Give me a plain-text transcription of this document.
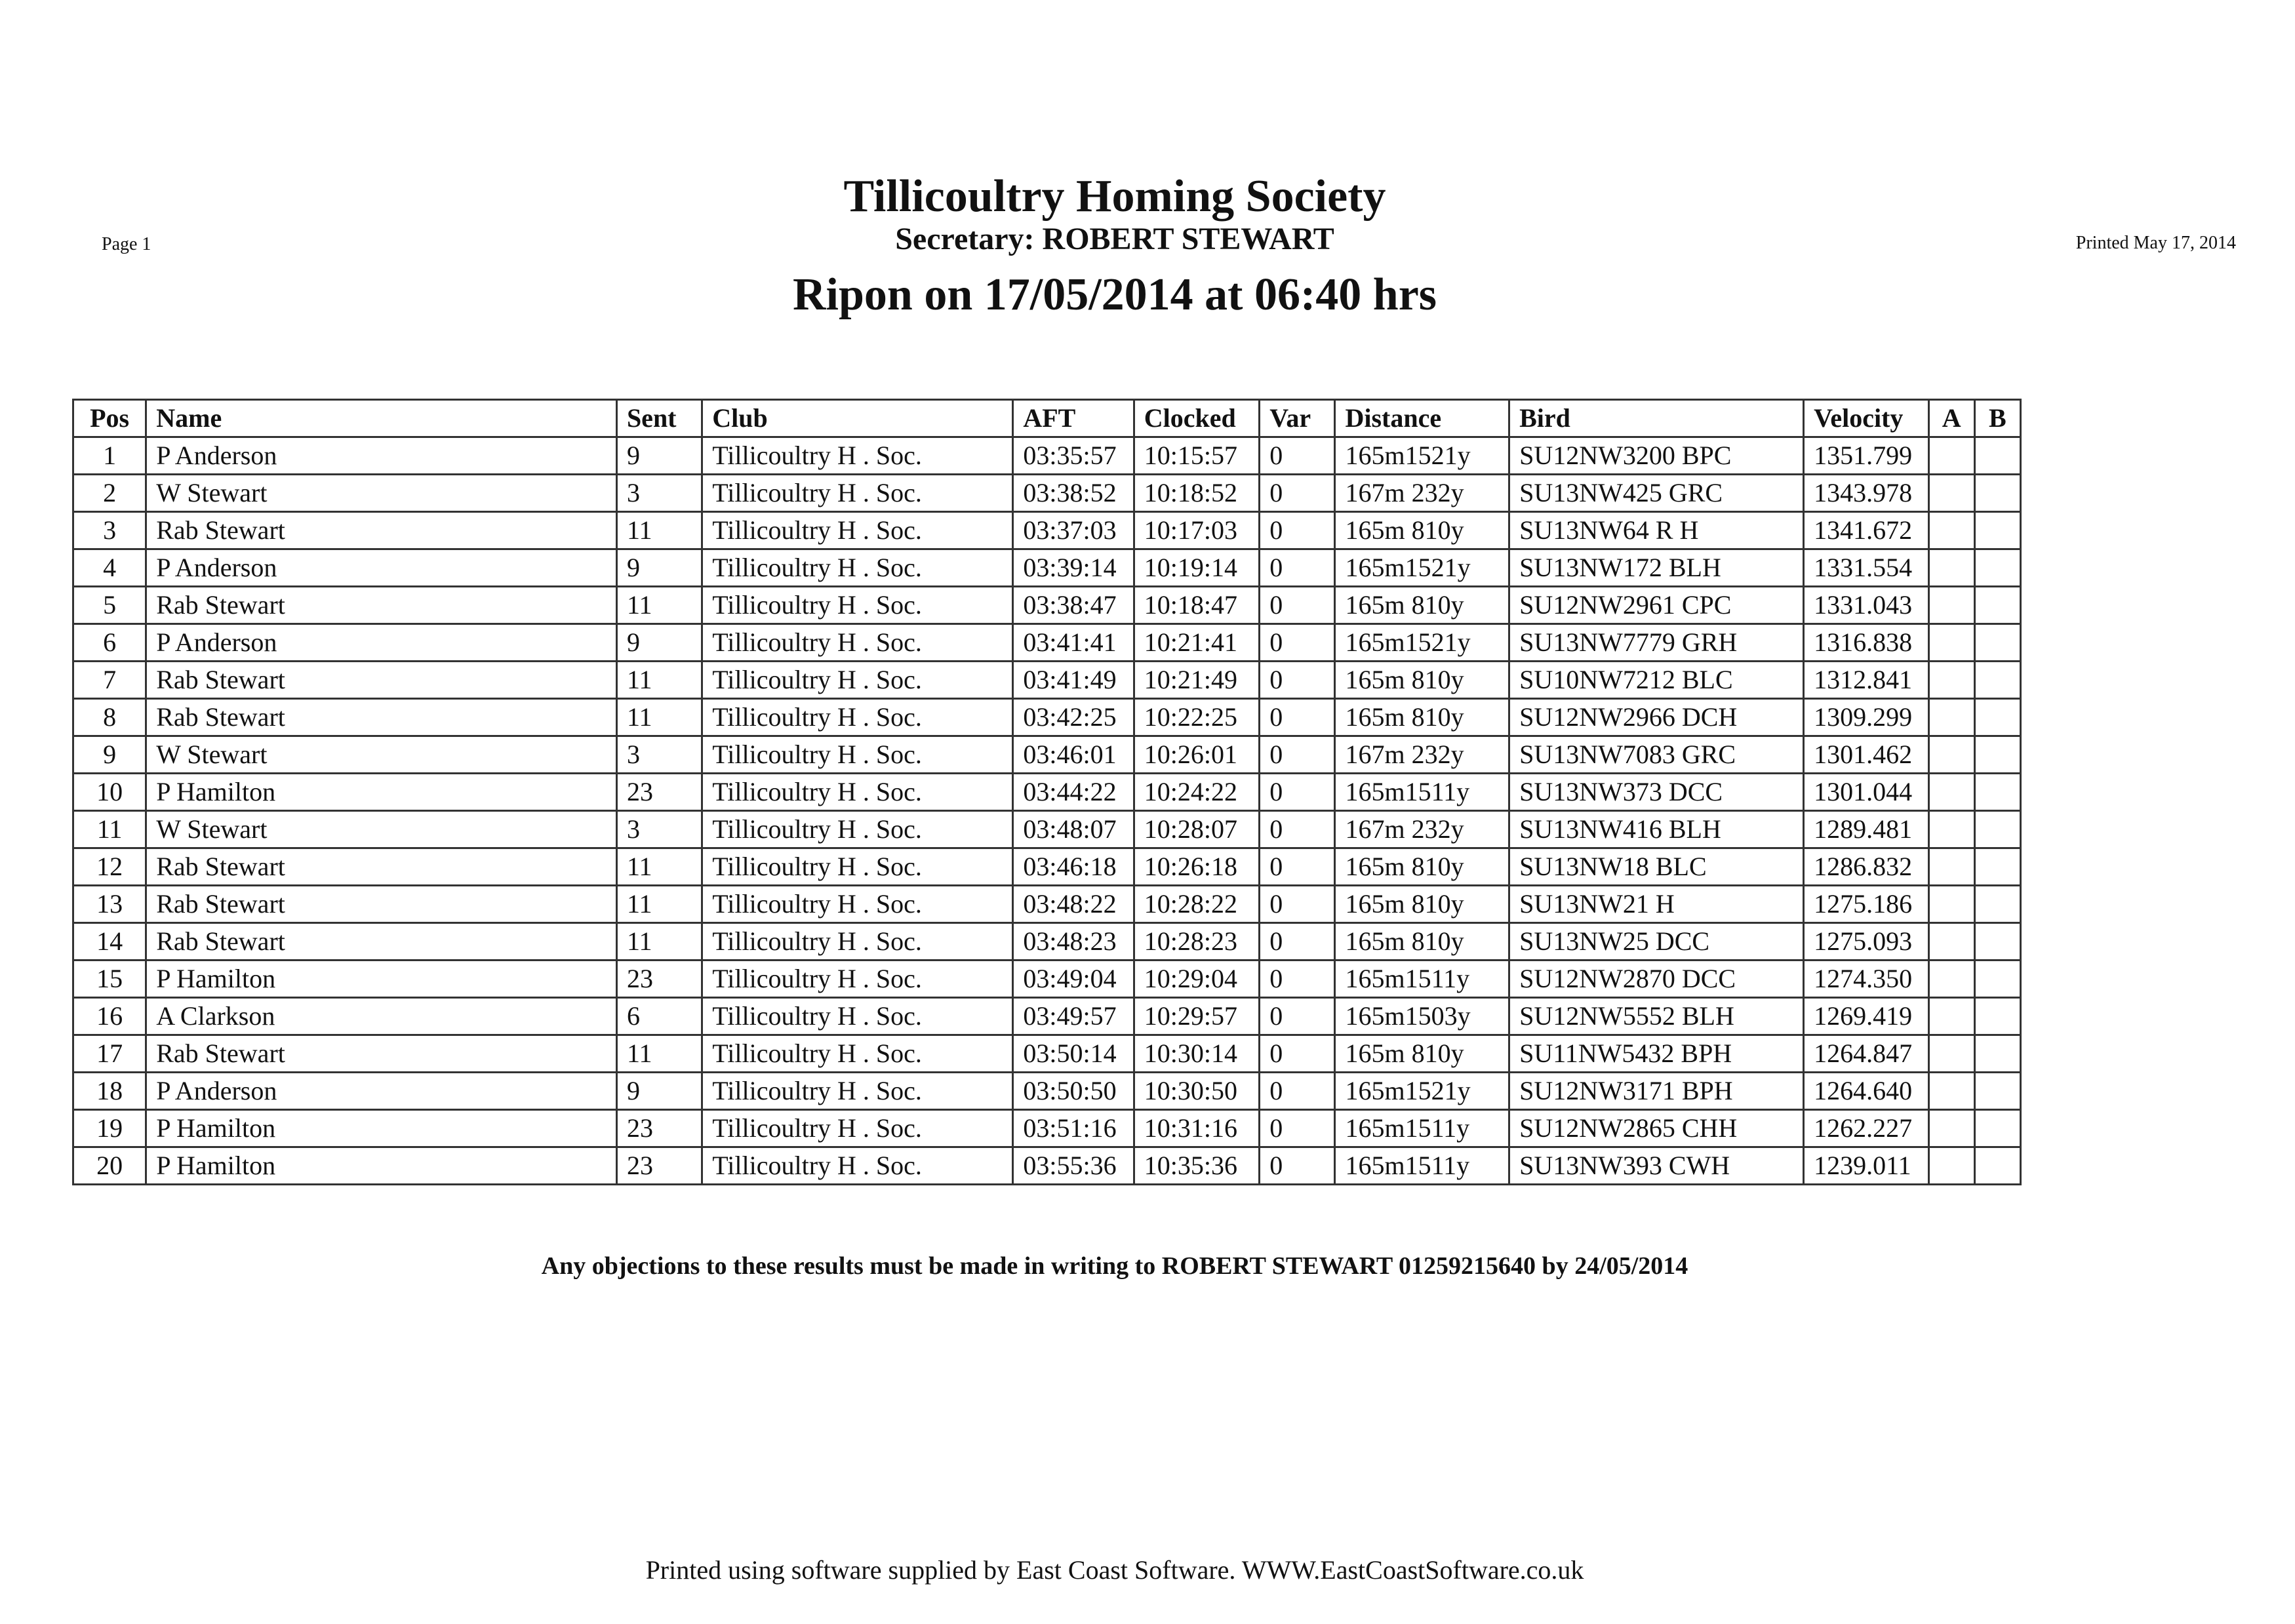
Page 1
Tillicoultry Homing Society
Secretary: ROBERT STEWART	Printed May 17, 2014
Ripon on 17/05/2014 at 06:40 hrs
Pos	Name	Sent	Club	AFT	Clocked	Var	Distance	Bird	Velocity	A	B
1	P Anderson	9	Tillicoultry H . Soc.	03:35:57	10:15:57	0	165m1521y	SU12NW3200 BPC	1351.799		
2	W Stewart	3	Tillicoultry H . Soc.	03:38:52	10:18:52	0	167m 232y	SU13NW425 GRC	1343.978		
3	Rab Stewart	11	Tillicoultry H . Soc.	03:37:03	10:17:03	0	165m 810y	SU13NW64 R H	1341.672		
4	P Anderson	9	Tillicoultry H . Soc.	03:39:14	10:19:14	0	165m1521y	SU13NW172 BLH	1331.554		
5	Rab Stewart	11	Tillicoultry H . Soc.	03:38:47	10:18:47	0	165m 810y	SU12NW2961 CPC	1331.043		
6	P Anderson	9	Tillicoultry H . Soc.	03:41:41	10:21:41	0	165m1521y	SU13NW7779 GRH	1316.838		
7	Rab Stewart	11	Tillicoultry H . Soc.	03:41:49	10:21:49	0	165m 810y	SU10NW7212 BLC	1312.841		
8	Rab Stewart	11	Tillicoultry H . Soc.	03:42:25	10:22:25	0	165m 810y	SU12NW2966 DCH	1309.299		
9	W Stewart	3	Tillicoultry H . Soc.	03:46:01	10:26:01	0	167m 232y	SU13NW7083 GRC	1301.462		
10	P Hamilton	23	Tillicoultry H . Soc.	03:44:22	10:24:22	0	165m1511y	SU13NW373 DCC	1301.044		
11	W Stewart	3	Tillicoultry H . Soc.	03:48:07	10:28:07	0	167m 232y	SU13NW416 BLH	1289.481		
12	Rab Stewart	11	Tillicoultry H . Soc.	03:46:18	10:26:18	0	165m 810y	SU13NW18 BLC	1286.832		
13	Rab Stewart	11	Tillicoultry H . Soc.	03:48:22	10:28:22	0	165m 810y	SU13NW21 H	1275.186		
14	Rab Stewart	11	Tillicoultry H . Soc.	03:48:23	10:28:23	0	165m 810y	SU13NW25 DCC	1275.093		
15	P Hamilton	23	Tillicoultry H . Soc.	03:49:04	10:29:04	0	165m1511y	SU12NW2870 DCC	1274.350		
16	A Clarkson	6	Tillicoultry H . Soc.	03:49:57	10:29:57	0	165m1503y	SU12NW5552 BLH	1269.419		
17	Rab Stewart	11	Tillicoultry H . Soc.	03:50:14	10:30:14	0	165m 810y	SU11NW5432 BPH	1264.847		
18	P Anderson	9	Tillicoultry H . Soc.	03:50:50	10:30:50	0	165m1521y	SU12NW3171 BPH	1264.640		
19	P Hamilton	23	Tillicoultry H . Soc.	03:51:16	10:31:16	0	165m1511y	SU12NW2865 CHH	1262.227		
20	P Hamilton	23	Tillicoultry H . Soc.	03:55:36	10:35:36	0	165m1511y	SU13NW393 CWH	1239.011		
Any objections to these results must be made in writing to ROBERT STEWART 01259215640 by 24/05/2014
Printed using software supplied by East Coast Software. WWW.EastCoastSoftware.co.uk
